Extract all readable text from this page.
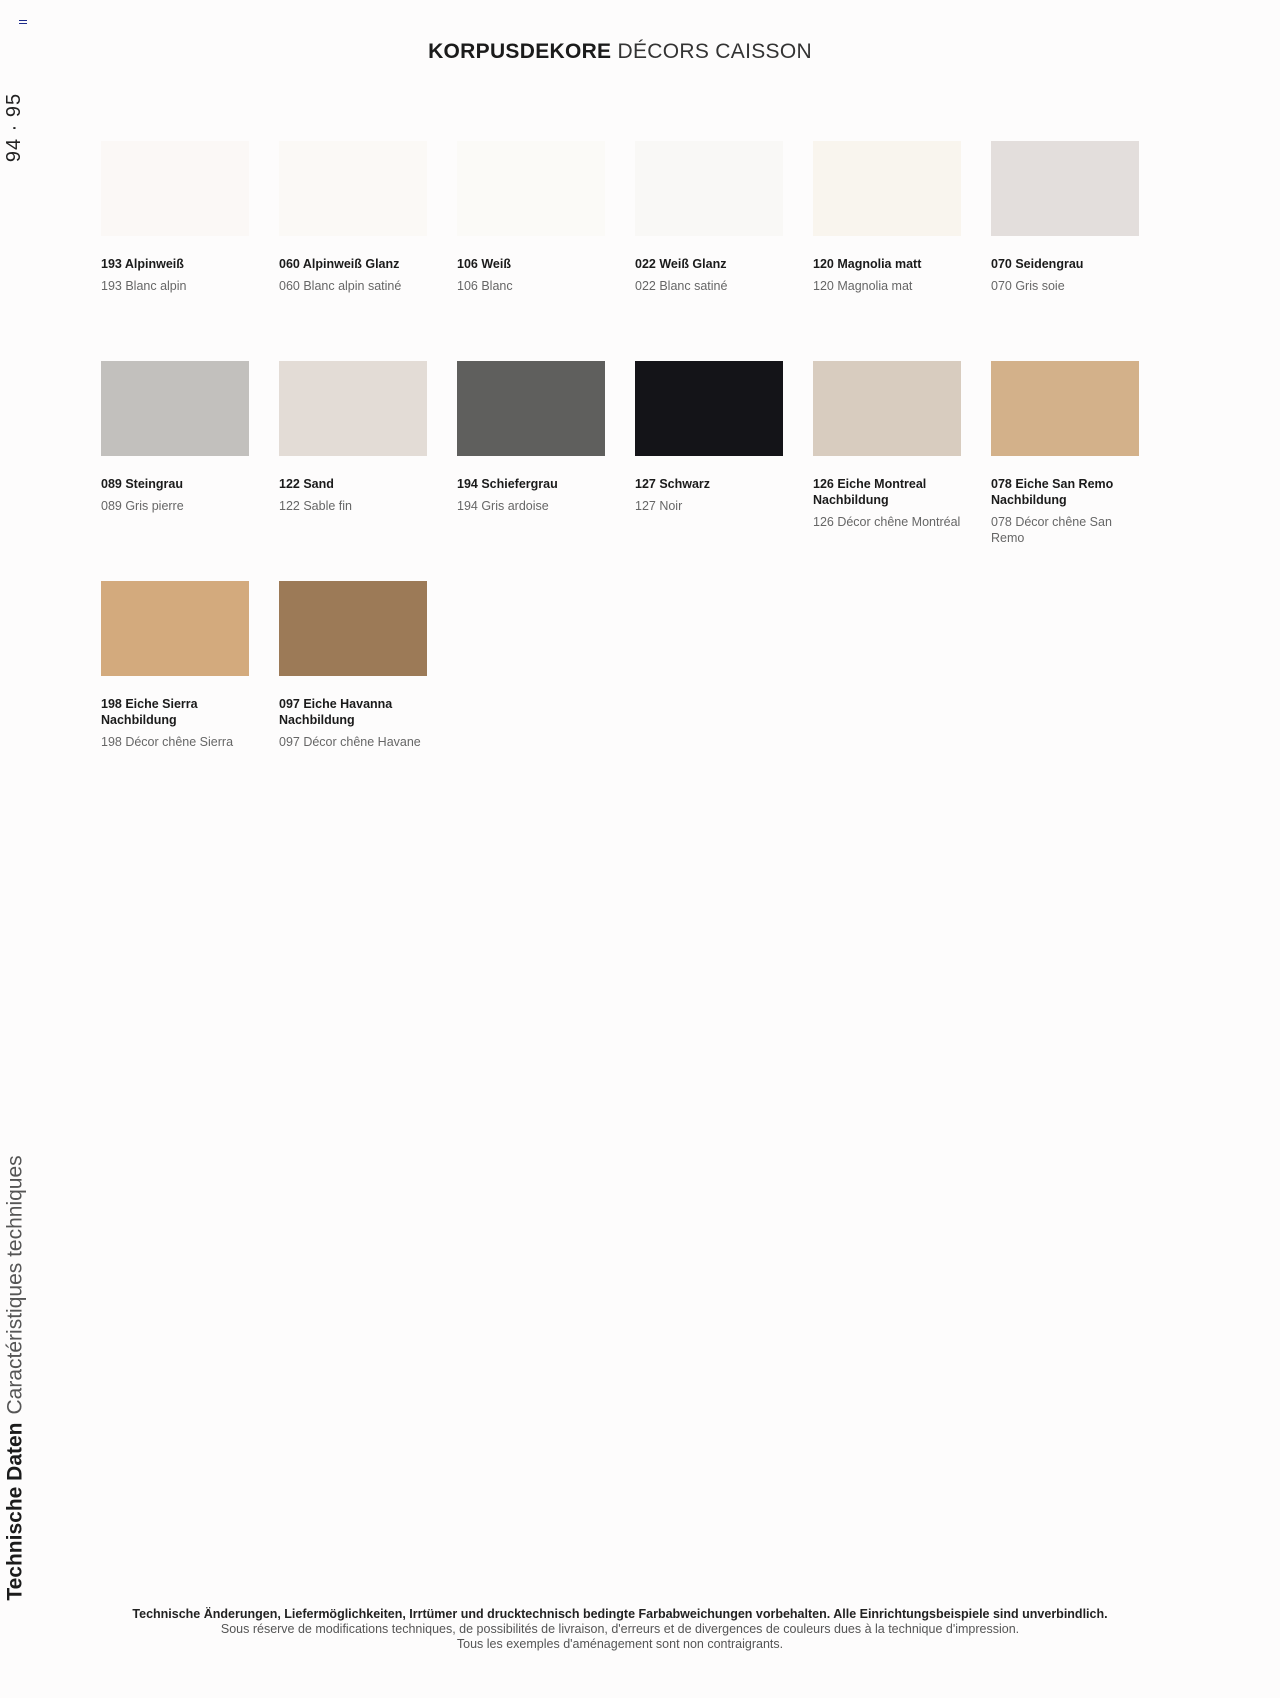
94 · 95
Technische DatenCaractéristiques techniques
KORPUSDEKORE DÉCORS CAISSON
193 Alpinweiß
193 Blanc alpin
060 Alpinweiß Glanz
060 Blanc alpin satiné
106 Weiß
106 Blanc
022 Weiß Glanz
022 Blanc satiné
120 Magnolia matt
120 Magnolia mat
070 Seidengrau
070 Gris soie
089 Steingrau
089 Gris pierre
122 Sand
122 Sable fin
194 Schiefergrau
194 Gris ardoise
127 Schwarz
127 Noir
126 Eiche Montreal Nachbildung
126 Décor chêne Montréal
078 Eiche San Remo Nachbildung
078 Décor chêne San Remo
198 Eiche Sierra Nachbildung
198 Décor chêne Sierra
097 Eiche Havanna Nachbildung
097 Décor chêne Havane
Technische Änderungen, Liefermöglichkeiten, Irrtümer und drucktechnisch bedingte Farbabweichungen vorbehalten. Alle Einrichtungsbeispiele sind unverbindlich.
Sous réserve de modifications techniques, de possibilités de livraison, d'erreurs et de divergences de couleurs dues à la technique d'impression.
Tous les exemples d'aménagement sont non contraigrants.
